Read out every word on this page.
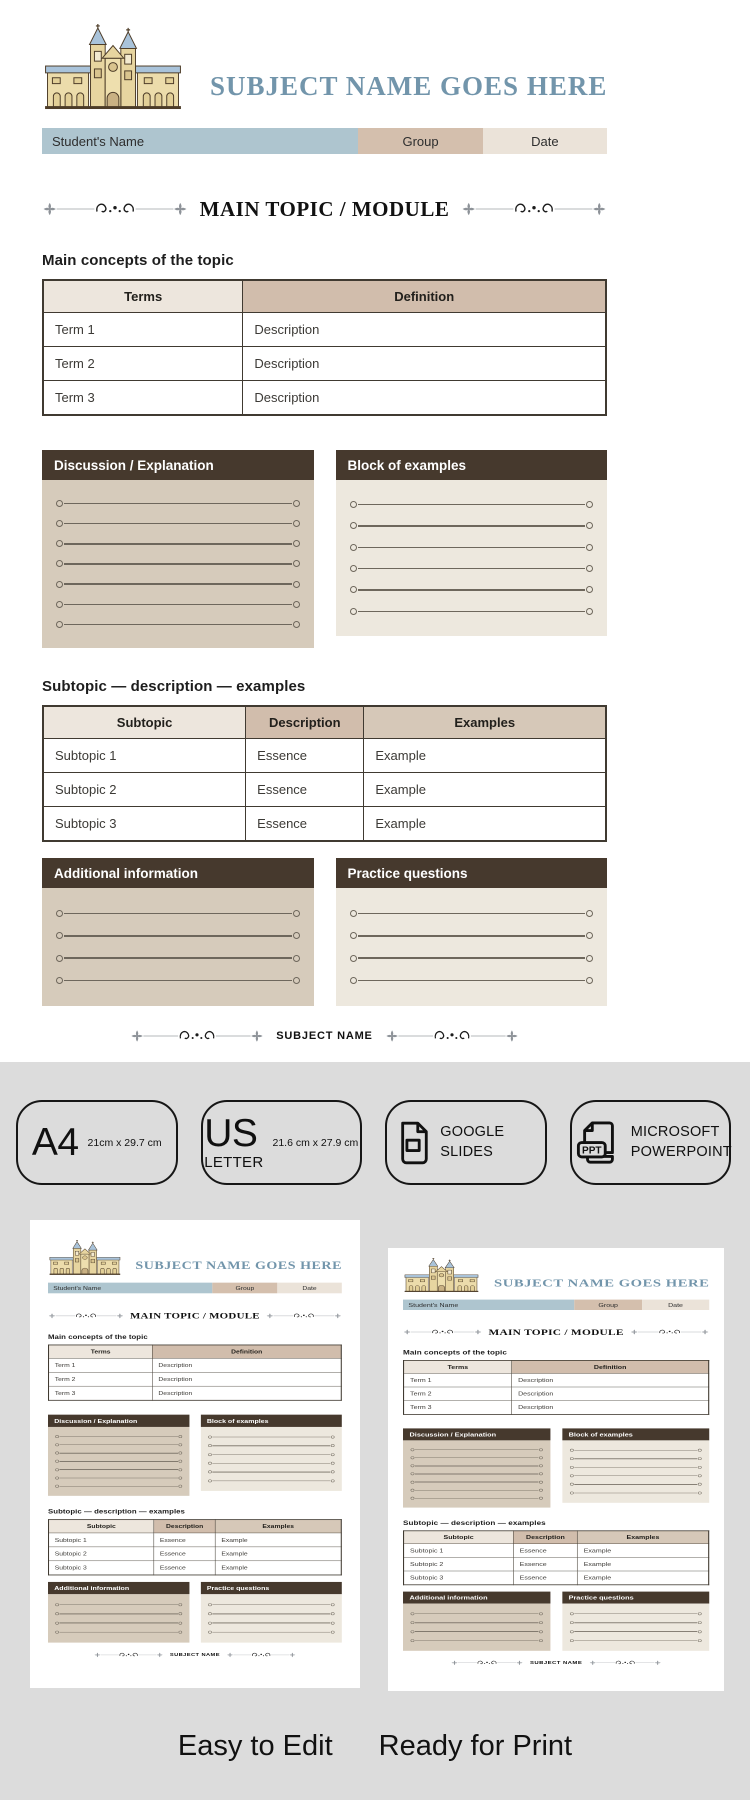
SUBJECT NAME GOES HERE
Student's Name	Group	Date
MAIN TOPIC / MODULE
Main concepts of the topic
Terms	Definition
Term 1	Description
Term 2	Description
Term 3	Description
Discussion / Explanation	Block of examples
Subtopic — description — examples
Subtopic	Description	Examples
Subtopic 1	Essence	Example
Subtopic 2	Essence	Example
Subtopic 3	Essence	Example
Additional information	Practice questions
SUBJECT NAME
A4 21cm x 29.7 cm US
LETTER
21.6 cm x 27.9 cm
GOOGLE SLIDES	PPT
MICROSOFT POWERPOINT
SUBJECT NAME GOES HERE
Student's Name	Group	Date
MAIN TOPIC / MODULE
Main concepts of the topic
Terms	Definition
Term 1	Description
Term 2	Description
Term 3	Description
Discussion / Explanation	Block of examples
Subtopic — description — examples
Subtopic	Description	Examples
Subtopic 1	Essence	Example
Subtopic 2	Essence	Example
Subtopic 3	Essence	Example
Additional information	Practice questions
SUBJECT NAME
SUBJECT NAME GOES HERE
Student's Name	Group	Date
MAIN TOPIC / MODULE
Main concepts of the topic
Terms	Definition
Term 1	Description
Term 2	Description
Term 3	Description
Discussion / Explanation	Block of examples
Subtopic — description — examples
Subtopic	Description	Examples
Subtopic 1	Essence	Example
Subtopic 2	Essence	Example
Subtopic 3	Essence	Example
Additional information	Practice questions
SUBJECT NAME
Easy to Edit Ready for Print
